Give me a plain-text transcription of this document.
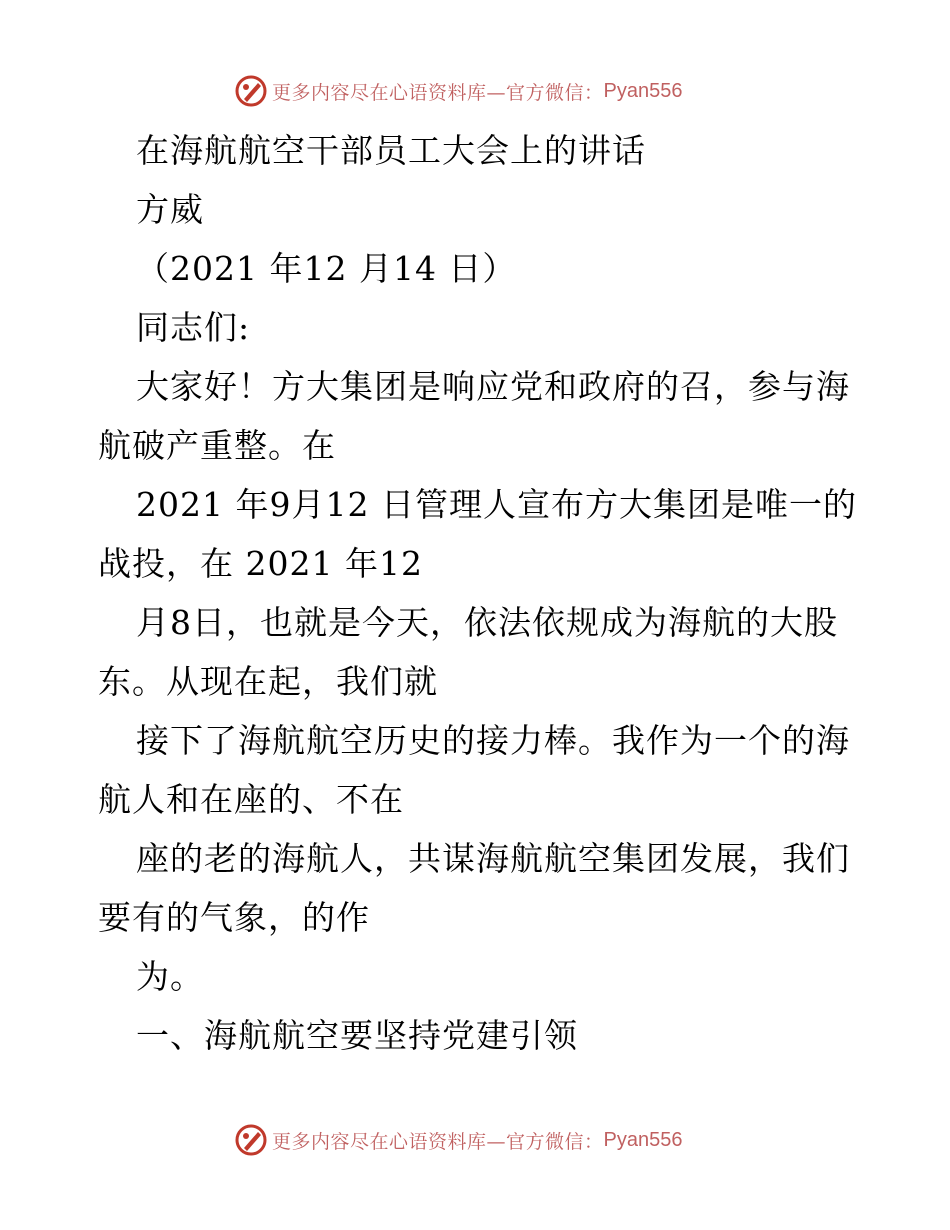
更多内容尽在心语资料库—官方微信： Pyan556
在海航航空干部员工大会上的讲话
方威
（2021 年12 月14 日）
同志们:
大家好！方大集团是响应党和政府的召，参与海
航破产重整。在
2021 年9月12 日管理人宣布方大集团是唯一的
战投，在 2021 年12
月8日，也就是今天，依法依规成为海航的大股
东。从现在起，我们就
接下了海航航空历史的接力棒。我作为一个的海
航人和在座的、不在
座的老的海航人，共谋海航航空集团发展，我们
要有的气象，的作
为。
一、海航航空要坚持党建引领
更多内容尽在心语资料库—官方微信： Pyan556
